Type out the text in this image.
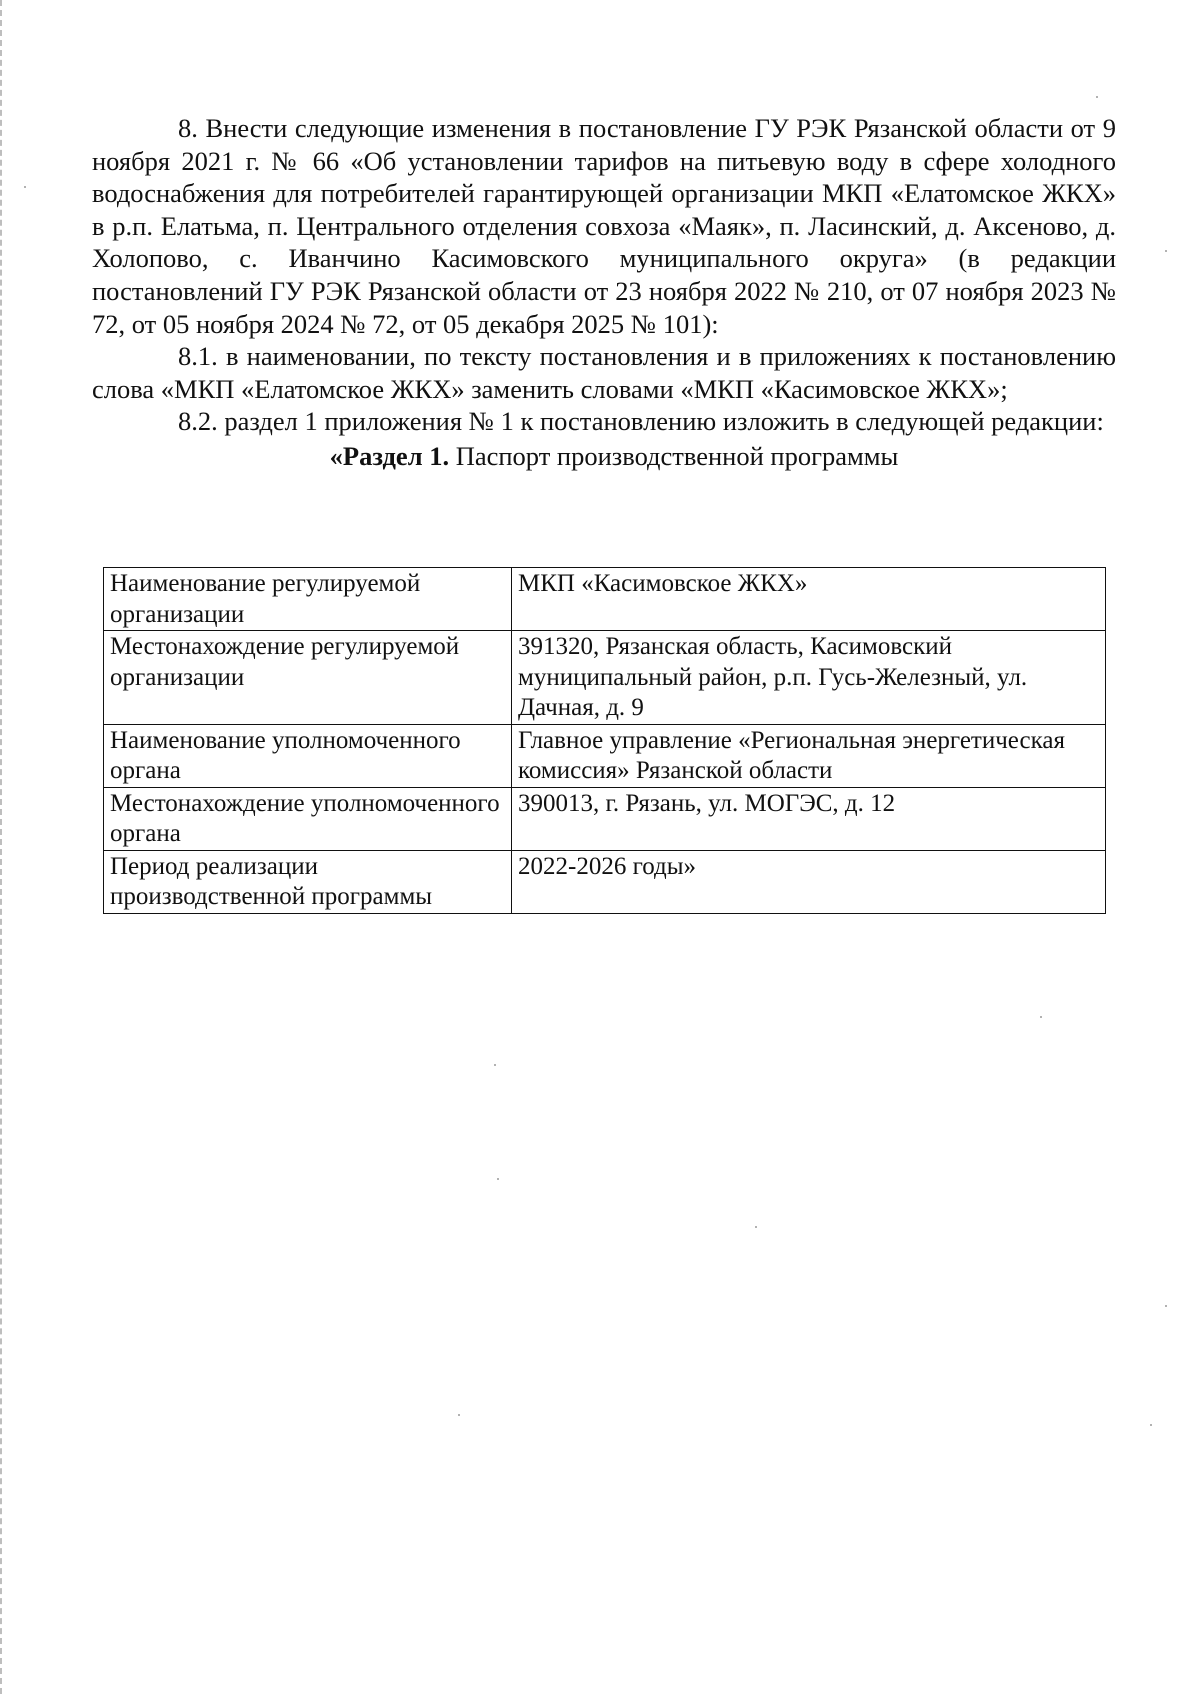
8. Внести следующие изменения в постановление ГУ РЭК Рязанской области от 9 ноября 2021 г. № 66 «Об установлении тарифов на питьевую воду в сфере холодного водоснабжения для потребителей гарантирующей организации МКП «Елатомское ЖКХ» в р.п. Елатьма, п. Центрального отделения совхоза «Маяк», п. Ласинский, д. Аксеново, д. Холопово, с. Иванчино Касимовского муниципального округа» (в редакции постановлений ГУ РЭК Рязанской области от 23 ноября 2022 № 210, от 07 ноября 2023 № 72, от 05 ноября 2024 № 72, от 05 декабря 2025 № 101):

8.1. в наименовании, по тексту постановления и в приложениях к постановлению слова «МКП «Елатомское ЖКХ» заменить словами «МКП «Касимовское ЖКХ»;

8.2. раздел 1 приложения № 1 к постановлению изложить в следующей редакции:

«Раздел 1. Паспорт производственной программы

Наименование регулируемой организации	МКП «Касимовское ЖКХ»
Местонахождение регулируемой организации	391320, Рязанская область, Касимовский муниципальный район, р.п. Гусь-Железный, ул. Дачная, д. 9
Наименование уполномоченного органа	Главное управление «Региональная энергетическая комиссия» Рязанской области
Местонахождение уполномоченного органа	390013, г. Рязань, ул. МОГЭС, д. 12
Период реализации производственной программы	2022-2026 годы»
